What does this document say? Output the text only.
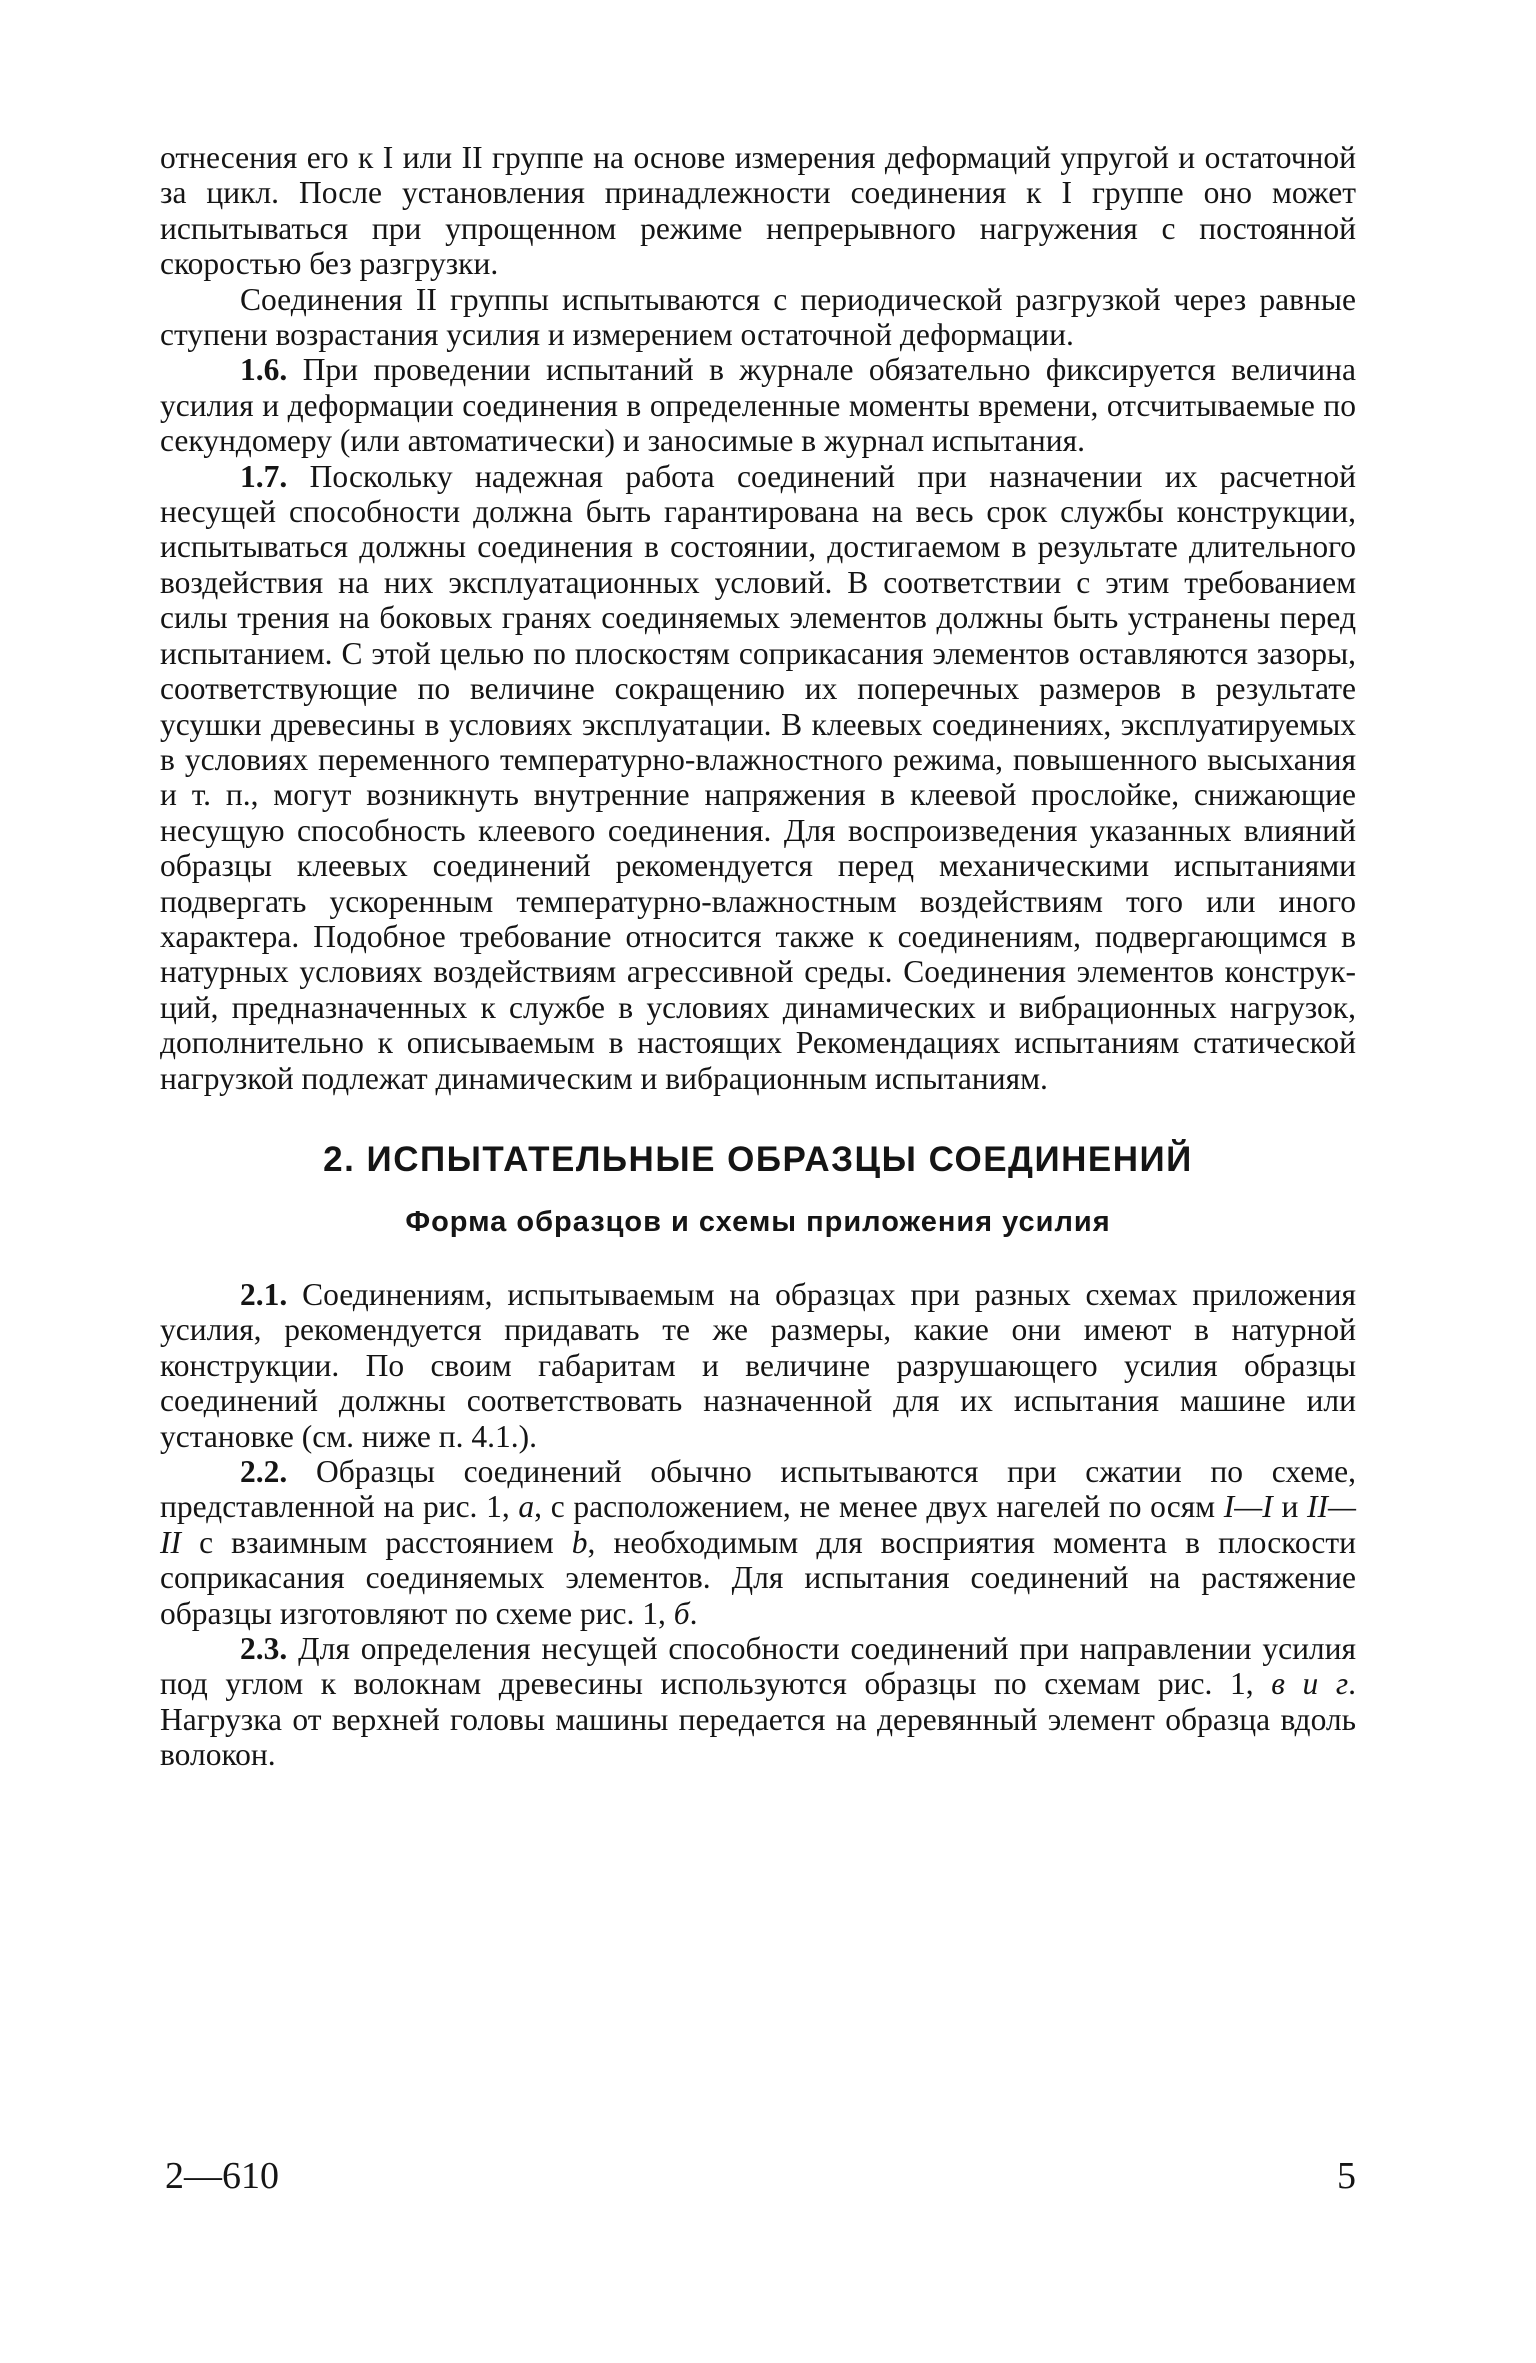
отнесения его к I или II группе на основе измерения деформаций упругой и остаточной за цикл. После установления принадлежности соединения к I группе оно может испытываться при упрощенном режиме непрерывного нагружения с постоянной скоростью без разгрузки.

Соединения II группы испытываются с периодической разгрузкой через равные ступени возрастания усилия и измерением остаточной деформации.

1.6. При проведении испытаний в журнале обязательно фиксируется величина усилия и деформации соединения в определенные моменты времени, отсчитываемые по секундомеру (или автоматически) и заносимые в журнал испытания.

1.7. Поскольку надежная работа соединений при назначении их расчетной несущей способности должна быть гарантирована на весь срок службы конструкции, испытываться должны соединения в состоянии, достигаемом в результате длительного воздействия на них эксплуатационных условий. В соответствии с этим требованием силы трения на боковых гранях соединяемых элементов должны быть устранены перед испытанием. С этой целью по плоскостям соприкасания элементов оставляются зазоры, соответствующие по величине сокращению их поперечных размеров в результате усушки древесины в условиях эксплуатации. В клеевых соединениях, эксплуатируемых в условиях переменного температурно-влажностного режима, повышенного высыхания и т. п., могут возникнуть внутренние напряжения в клеевой прослойке, снижающие несущую способность клеевого соединения. Для воспроизведения указанных влияний образцы клеевых соединений рекомендуется перед механическими испытаниями подвергать ускоренным температурно-влажностным воздействиям того или иного характера. Подобное требование относится также к соединениям, подвергающимся в натурных условиях воздействиям агрессивной среды. Соединения элементов конструкций, предназначенных к службе в условиях динамических и вибрационных нагрузок, дополнительно к описываемым в настоящих Рекомендациях испытаниям статической нагрузкой подлежат динамическим и вибрационным испытаниям.

2. ИСПЫТАТЕЛЬНЫЕ ОБРАЗЦЫ СОЕДИНЕНИЙ
Форма образцов и схемы приложения усилия

2.1. Соединениям, испытываемым на образцах при разных схемах приложения усилия, рекомендуется придавать те же размеры, какие они имеют в натурной конструкции. По своим габаритам и величине разрушающего усилия образцы соединений должны соответствовать назначенной для их испытания машине или установке (см. ниже п. 4.1.).

2.2. Образцы соединений обычно испытываются при сжатии по схеме, представленной на рис. 1, а, с расположением, не менее двух нагелей по осям I—I и II—II с взаимным расстоянием b, необходимым для восприятия момента в плоскости соприкасания соединяемых элементов. Для испытания соединений на растяжение образцы изготовляют по схеме рис. 1, б.

2.3. Для определения несущей способности соединений при направлении усилия под углом к волокнам древесины используются образцы по схемам рис. 1, в и г. Нагрузка от верхней головы машины передается на деревянный элемент образца вдоль волокон.

2—610	5
